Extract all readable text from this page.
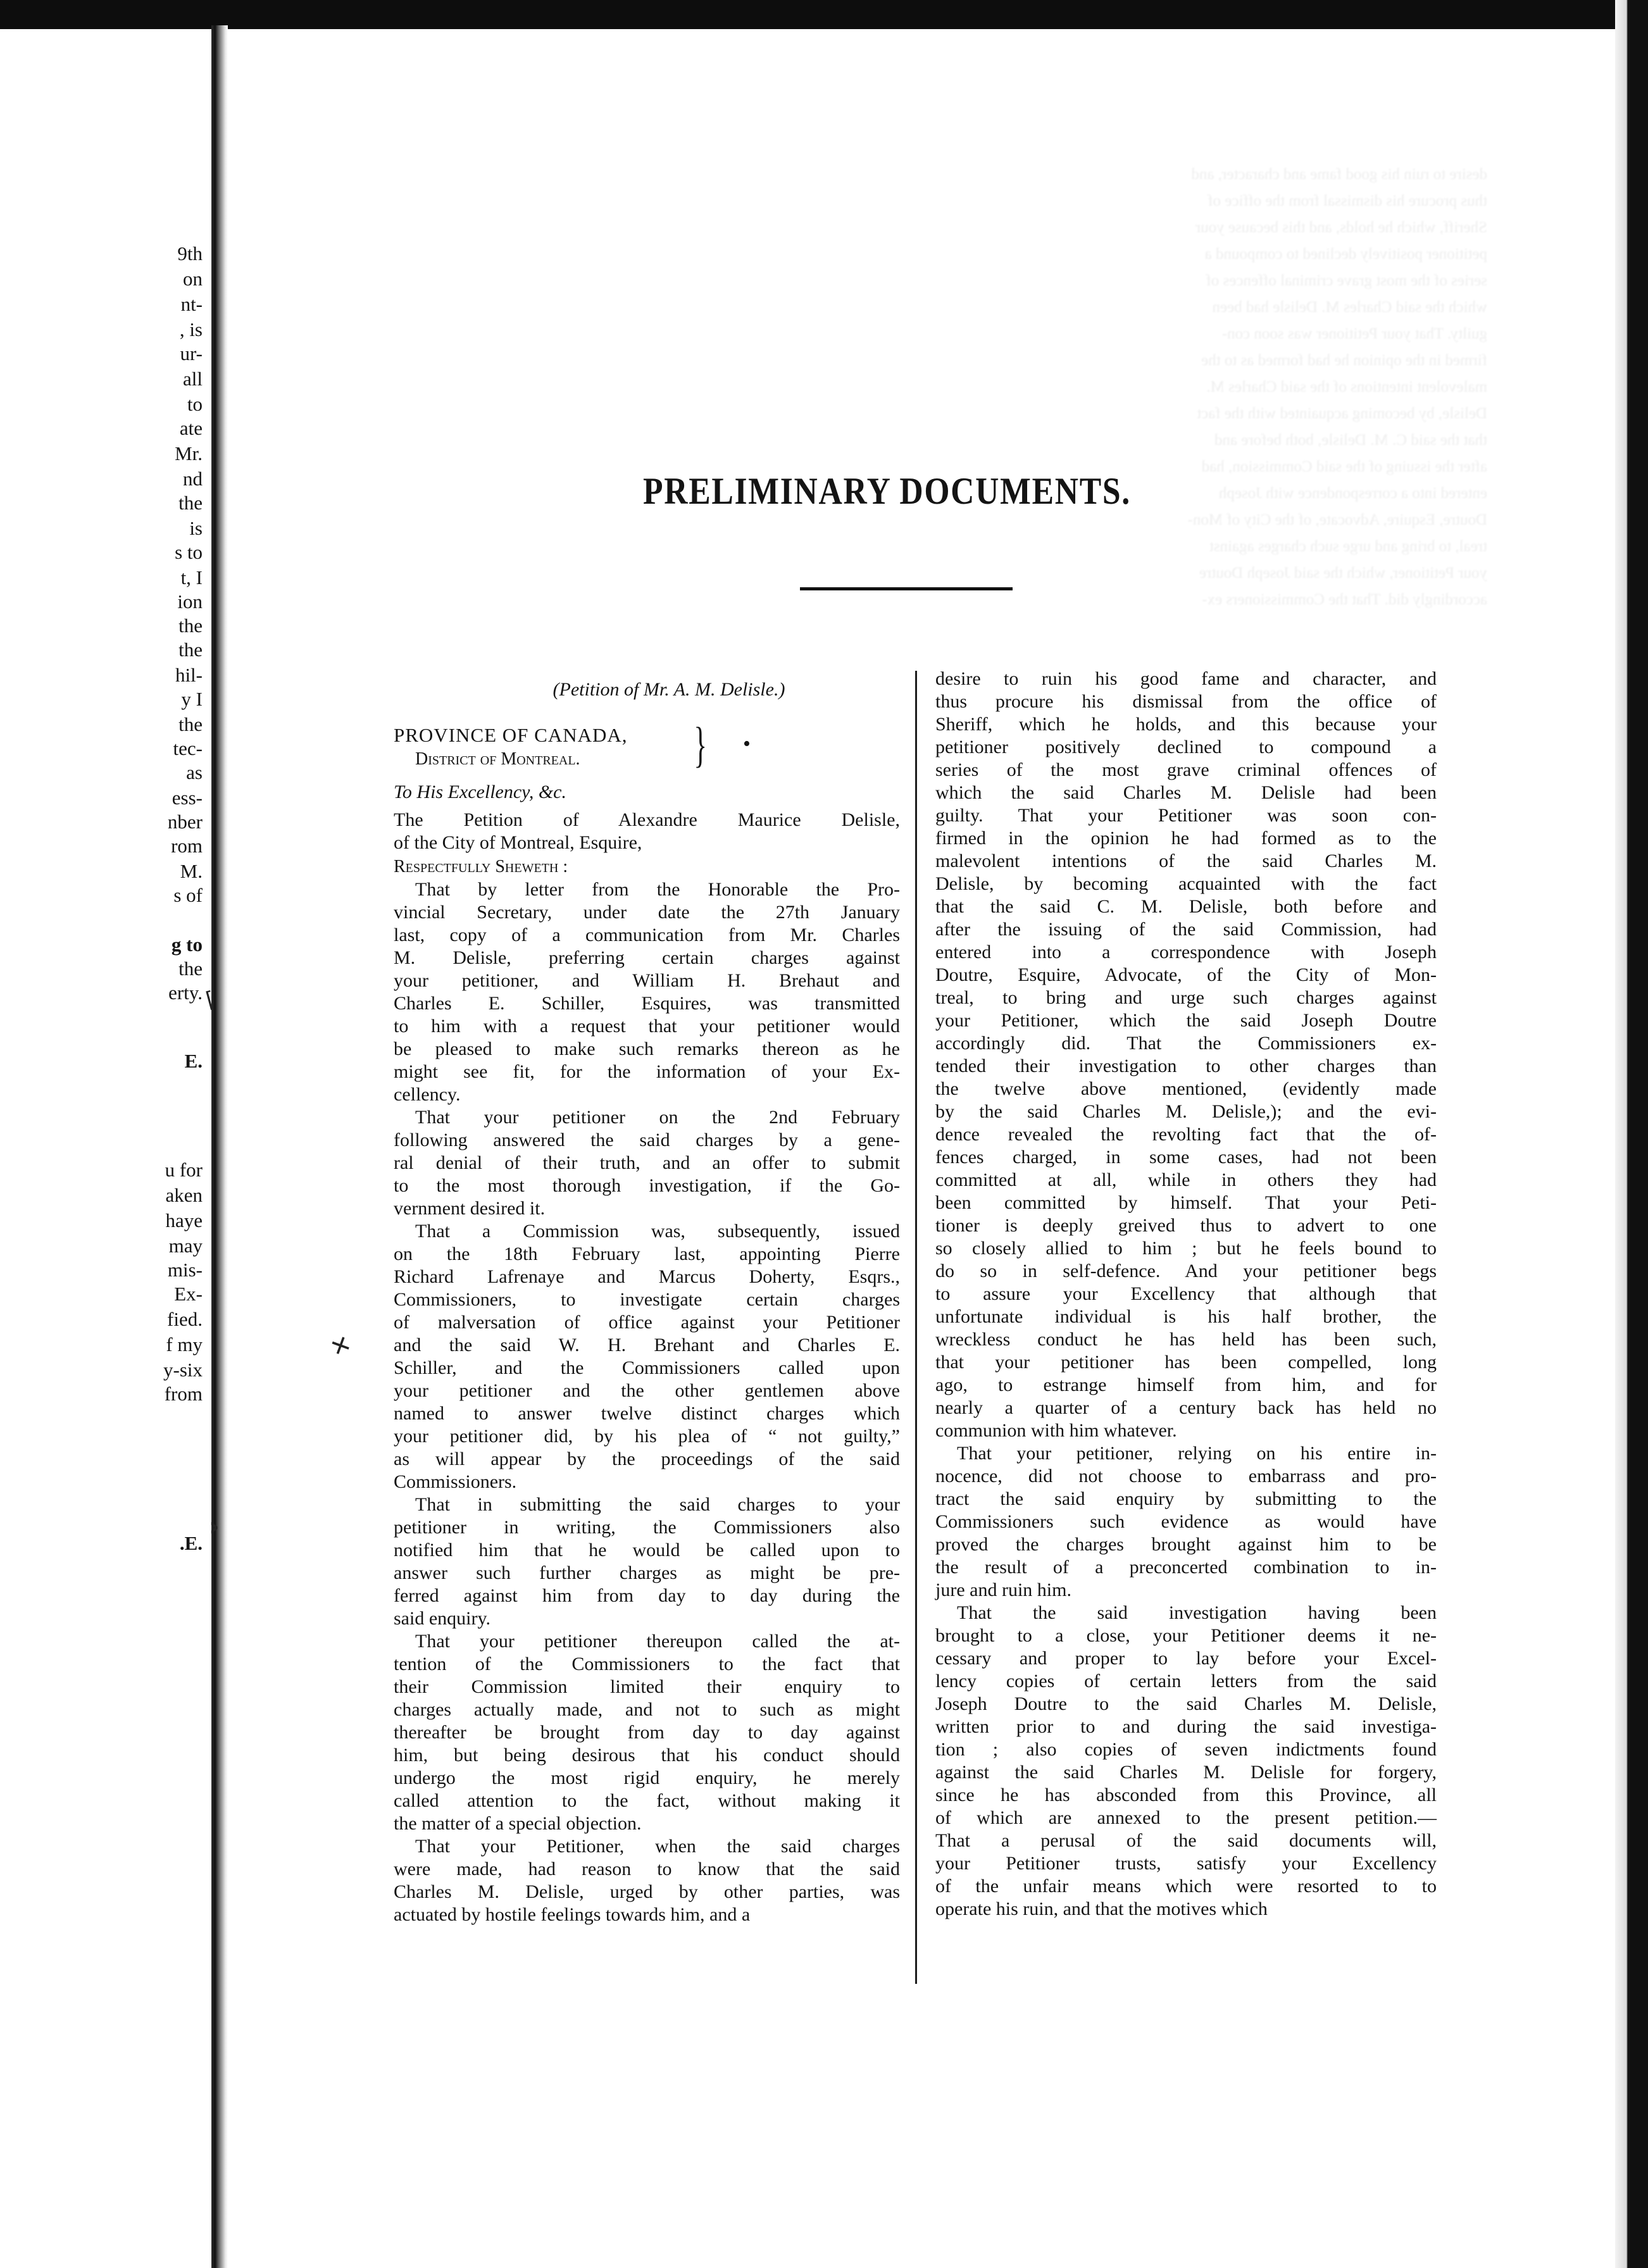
9th
on
nt-
, is
ur-
all
to
ate
Mr.
nd
the
is
s to
t, I
ion
the
the
hil-
y I
the
tec-
as
ess-
nber
rom
M.
s of
g to
the
erty.
E.
u for
aken
haye
may
mis-
Ex-
fied.
f my
y-six
from
.E.
desire to ruin his good fame and character, and
thus procure his dismissal from the office of
Sheriff, which he holds, and this because your
petitioner positively declined to compound a
series of the most grave criminal offences of
which the said Charles M. Delisle had been
guilty. That your Petitioner was soon con-
firmed in the opinion he had formed as to the
malevolent intentions of the said Charles M.
Delisle, by becoming acquainted with the fact
that the said C. M. Delisle, both before and
after the issuing of the said Commission, had
entered into a correspondence with Joseph
Doutre, Esquire, Advocate, of the City of Mon-
treal, to bring and urge such charges against
your Petitioner, which the said Joseph Doutre
accordingly did. That the Commissioners ex-
PRELIMINARY DOCUMENTS.
(Petition of Mr. A. M. Delisle.)
PROVINCE OF CANADA,
District of Montreal. } •
To His Excellency, &c.
The Petition of Alexandre Maurice Delisle,
of the City of Montreal, Esquire,
Respectfully Sheweth :
That by letter from the Honorable the Pro-
vincial Secretary, under date the 27th January
last, copy of a communication from Mr. Charles
M. Delisle, preferring certain charges against
your petitioner, and William H. Brehaut and
Charles E. Schiller, Esquires, was transmitted
to him with a request that your petitioner would
be pleased to make such remarks thereon as he
might see fit, for the information of your Ex-
cellency.
That your petitioner on the 2nd February
following answered the said charges by a gene-
ral denial of their truth, and an offer to submit
to the most thorough investigation, if the Go-
vernment desired it.
That a Commission was, subsequently, issued
on the 18th February last, appointing Pierre
Richard Lafrenaye and Marcus Doherty, Esqrs.,
Commissioners, to investigate certain charges
of malversation of office against your Petitioner
and the said W. H. Brehant and Charles E.
Schiller, and the Commissioners called upon
your petitioner and the other gentlemen above
named to answer twelve distinct charges which
your petitioner did, by his plea of “ not guilty,”
as will appear by the proceedings of the said
Commissioners.
That in submitting the said charges to your
petitioner in writing, the Commissioners also
notified him that he would be called upon to
answer such further charges as might be pre-
ferred against him from day to day during the
said enquiry.
That your petitioner thereupon called the at-
tention of the Commissioners to the fact that
their Commission limited their enquiry to
charges actually made, and not to such as might
thereafter be brought from day to day against
him, but being desirous that his conduct should
undergo the most rigid enquiry, he merely
called attention to the fact, without making it
the matter of a special objection.
That your Petitioner, when the said charges
were made, had reason to know that the said
Charles M. Delisle, urged by other parties, was
actuated by hostile feelings towards him, and a
desire to ruin his good fame and character, and
thus procure his dismissal from the office of
Sheriff, which he holds, and this because your
petitioner positively declined to compound a
series of the most grave criminal offences of
which the said Charles M. Delisle had been
guilty. That your Petitioner was soon con-
firmed in the opinion he had formed as to the
malevolent intentions of the said Charles M.
Delisle, by becoming acquainted with the fact
that the said C. M. Delisle, both before and
after the issuing of the said Commission, had
entered into a correspondence with Joseph
Doutre, Esquire, Advocate, of the City of Mon-
treal, to bring and urge such charges against
your Petitioner, which the said Joseph Doutre
accordingly did. That the Commissioners ex-
tended their investigation to other charges than
the twelve above mentioned, (evidently made
by the said Charles M. Delisle,); and the evi-
dence revealed the revolting fact that the of-
fences charged, in some cases, had not been
committed at all, while in others they had
been committed by himself. That your Peti-
tioner is deeply greived thus to advert to one
so closely allied to him ; but he feels bound to
do so in self-defence. And your petitioner begs
to assure your Excellency that although that
unfortunate individual is his half brother, the
wreckless conduct he has held has been such,
that your petitioner has been compelled, long
ago, to estrange himself from him, and for
nearly a quarter of a century back has held no
communion with him whatever.
That your petitioner, relying on his entire in-
nocence, did not choose to embarrass and pro-
tract the said enquiry by submitting to the
Commissioners such evidence as would have
proved the charges brought against him to be
the result of a preconcerted combination to in-
jure and ruin him.
That the said investigation having been
brought to a close, your Petitioner deems it ne-
cessary and proper to lay before your Excel-
lency copies of certain letters from the said
Joseph Doutre to the said Charles M. Delisle,
written prior to and during the said investiga-
tion ; also copies of seven indictments found
against the said Charles M. Delisle for forgery,
since he has absconded from this Province, all
of which are annexed to the present petition.—
That a perusal of the said documents will,
your Petitioner trusts, satisfy your Excellency
of the unfair means which were resorted to to
operate his ruin, and that the motives which
⌈
+
›
